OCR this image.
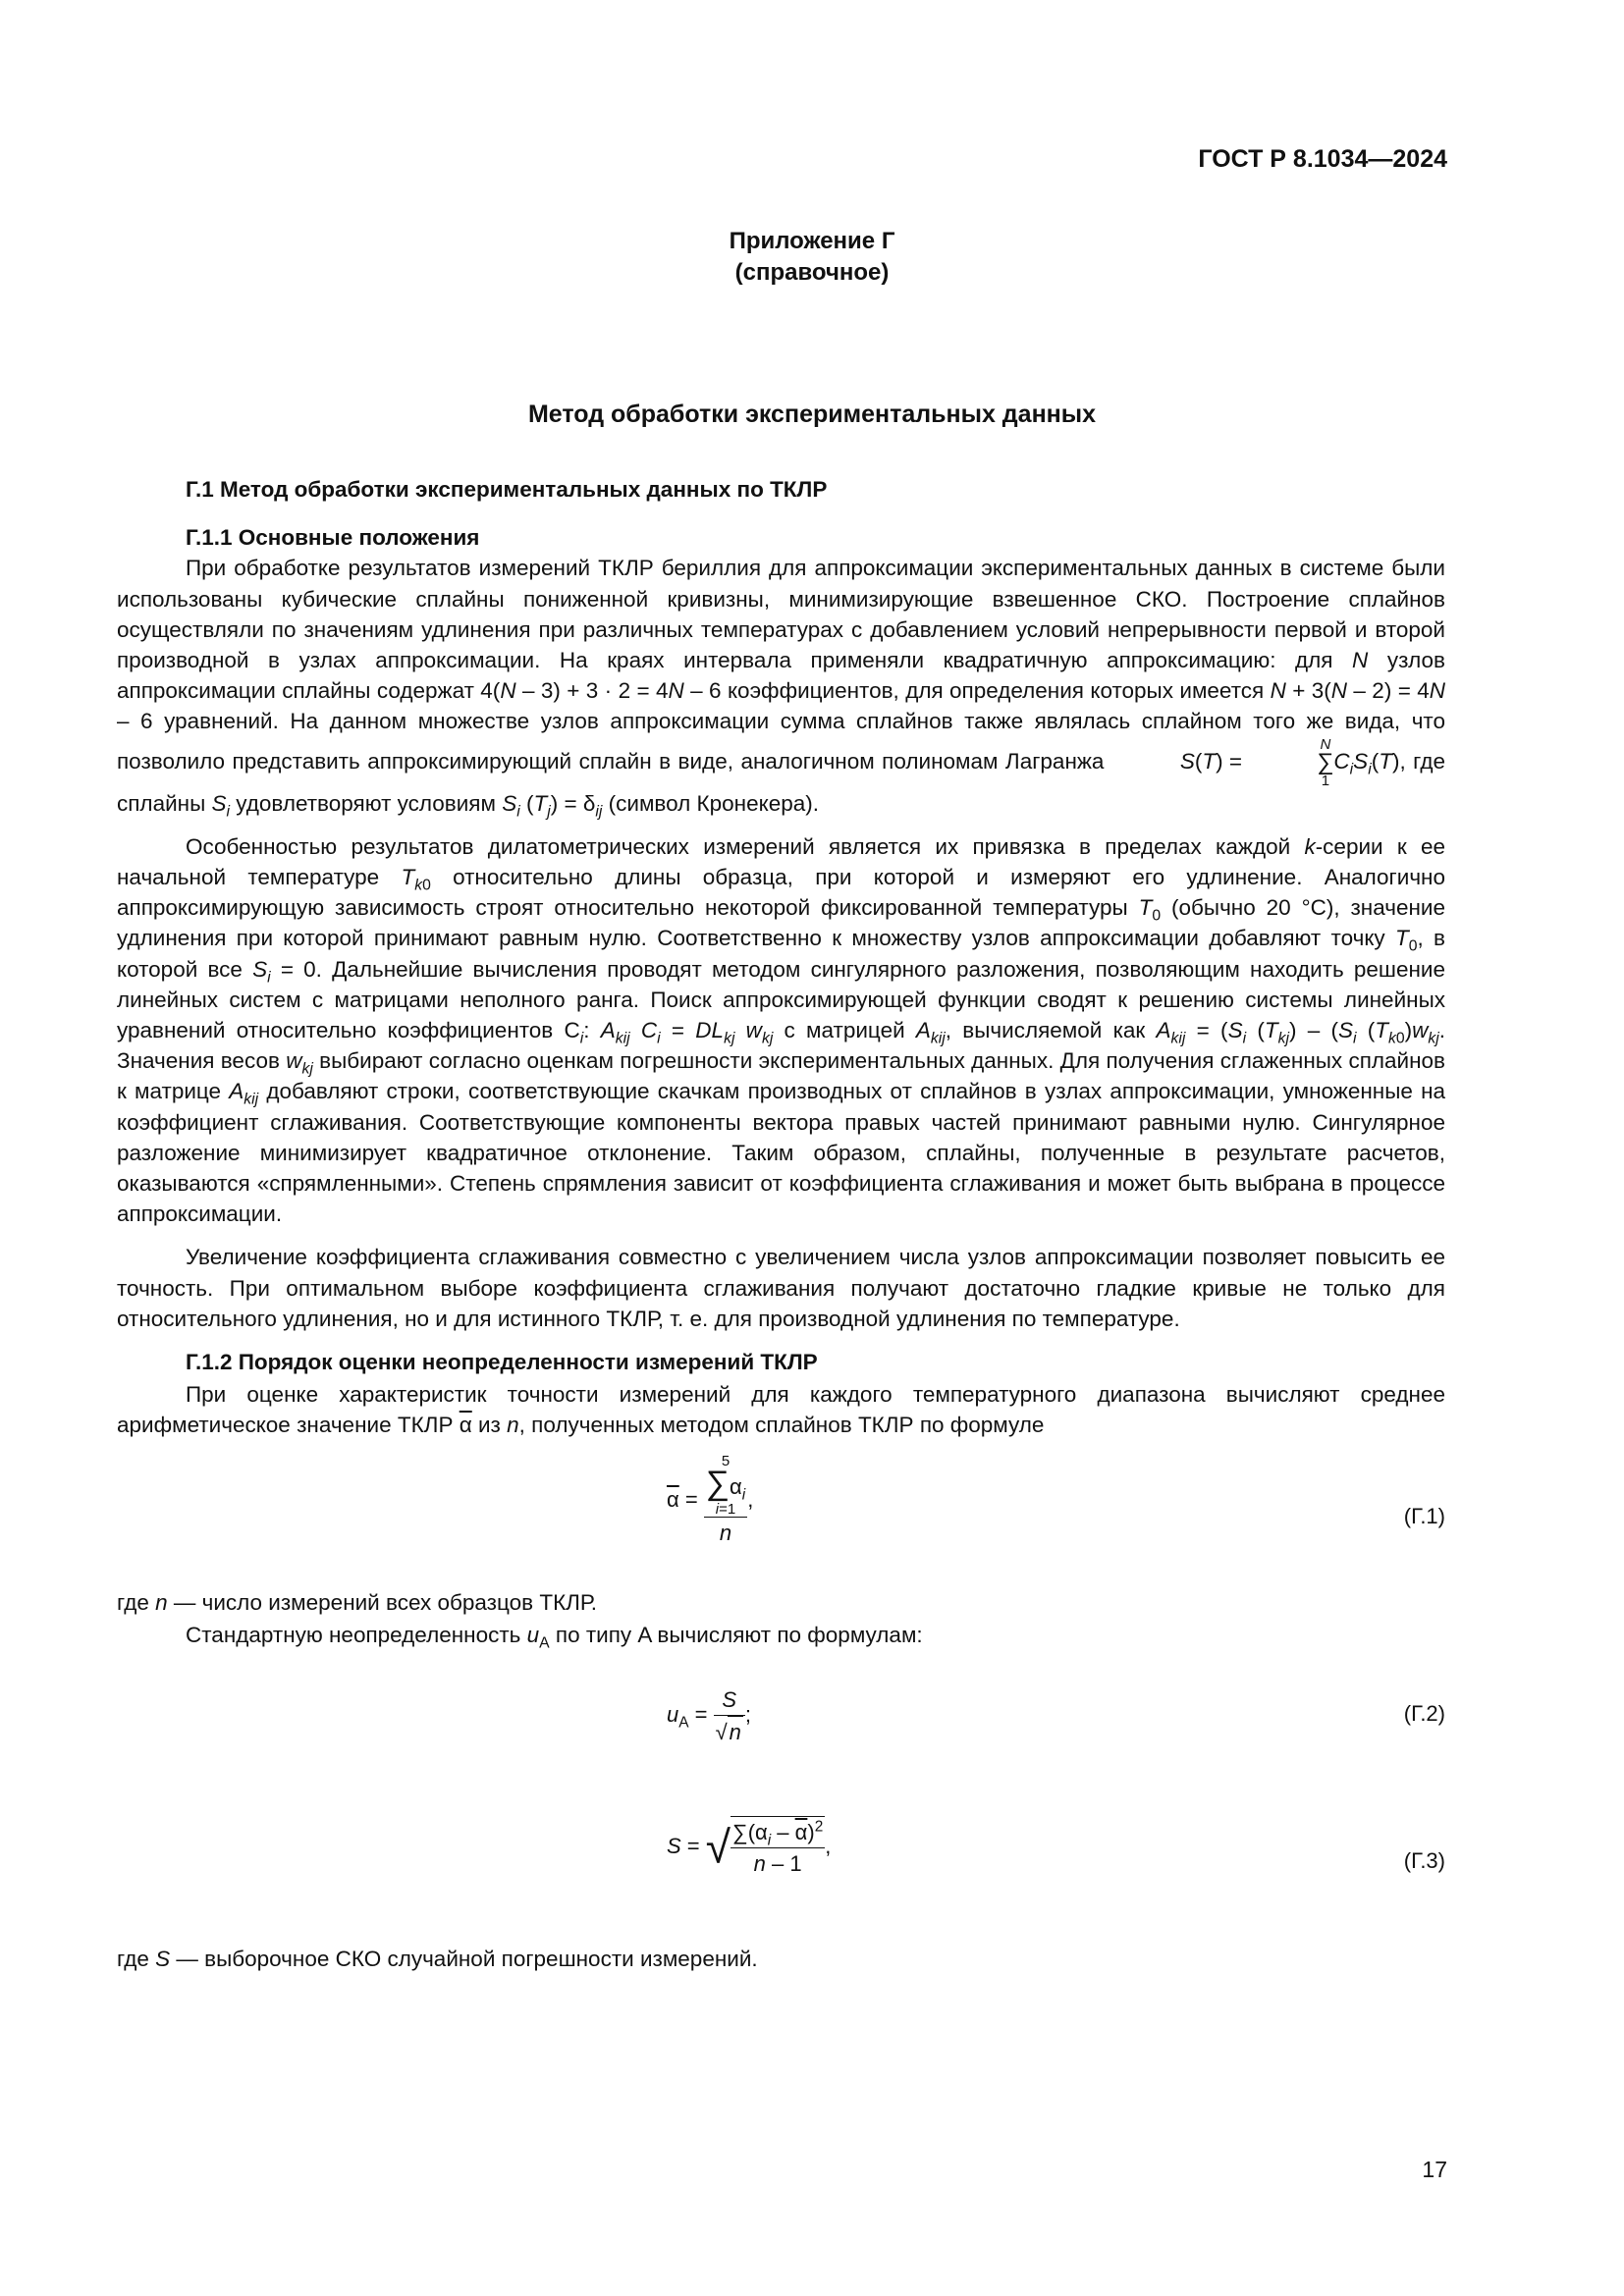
ГОСТ Р 8.1034—2024
Приложение Г
(справочное)
Метод обработки экспериментальных данных
Г.1 Метод обработки экспериментальных данных по ТКЛР
Г.1.1 Основные положения

При обработке результатов измерений ТКЛР бериллия для аппроксимации экспериментальных данных в системе были использованы кубические сплайны пониженной кривизны, минимизирующие взвешенное СКО. Построение сплайнов осуществляли по значениям удлинения при различных температурах с добавлением условий непрерывности первой и второй производной в узлах аппроксимации. На краях интервала применяли квадратичную аппроксимацию: для N узлов аппроксимации сплайны содержат 4(N – 3) + 3 · 2 = 4N – 6 коэффициентов, для определения которых имеется N + 3(N – 2) = 4N – 6 уравнений. На данном множестве узлов аппроксимации сумма сплайнов также являлась сплайном того же вида, что позволило представить аппроксимирующий сплайн в виде, аналогичном полиномам Лагранжа	S(T) =
N
∑
1
$C_iS_i(T)$, где сплайны $S_i$ удовлетворяют условиям $S_i$ $(T_j) = \delta_{ij}$ (символ Кронекера).

Особенностью результатов дилатометрических измерений является их привязка в пределах каждой k-серии к ее начальной температуре $T_{k0}$ относительно длины образца, при которой и измеряют его удлинение. Аналогично аппроксимирующую зависимость строят относительно некоторой фиксированной температуры $T_0$ (обычно 20 °C), значение удлинения при которой принимают равным нулю. Соответственно к множеству узлов аппроксимации добавляют точку $T_0$, в которой все $S_i = 0$. Дальнейшие вычисления проводят методом сингулярного разложения, позволяющим находить решение линейных систем с матрицами неполного ранга. Поиск аппроксимирующей функции сводят к решению системы линейных уравнений относительно коэффициентов $C_i$: $A_{kij}$ $C_i = DL_{kj}$ $w_{kj}$ с матрицей $A_{kij}$, вычисляемой как $A_{kij} = (S_i$ $(T_{kj}) - (S_i$ $(T_{k0})w_{kj}$. Значения весов $w_{kj}$ выбирают согласно оценкам погрешности экспериментальных данных. Для получения сглаженных сплайнов к матрице $A_{kij}$ добавляют строки, соответствующие скачкам производных от сплайнов в узлах аппроксимации, умноженные на коэффициент сглаживания. Соответствующие компоненты вектора правых частей принимают равными нулю. Сингулярное разложение минимизирует квадратичное отклонение. Таким образом, сплайны, полученные в результате расчетов, оказываются «спрямленными». Степень спрямления зависит от коэффициента сглаживания и может быть выбрана в процессе аппроксимации.

Увеличение коэффициента сглаживания совместно с увеличением числа узлов аппроксимации позволяет повысить ее точность. При оптимальном выборе коэффициента сглаживания получают достаточно гладкие кривые не только для относительного удлинения, но и для истинного ТКЛР, т. е. для производной удлинения по температуре.

Г.1.2 Порядок оценки неопределенности измерений ТКЛР

При оценке характеристик точности измерений для каждого температурного диапазона вычисляют среднее арифметическое значение ТКЛР $\overline{\alpha}$ из n, полученных методом сплайнов ТКЛР по формуле

$\overline{\alpha} = 5$
$\sum\alpha_i$
i=1
n ,
(Г.1)

где n — число измерений всех образцов ТКЛР.

Стандартную неопределенность $u_A$ по типу A вычисляют по формулам:

$u_A = \frac{S}{√n}$ ;	(Г.2)
S = √ $\frac{\sum(\alpha_i - \overline{\alpha})^2}{n - 1}$ ,
(Г.3)

где S — выборочное СКО случайной погрешности измерений.

17
